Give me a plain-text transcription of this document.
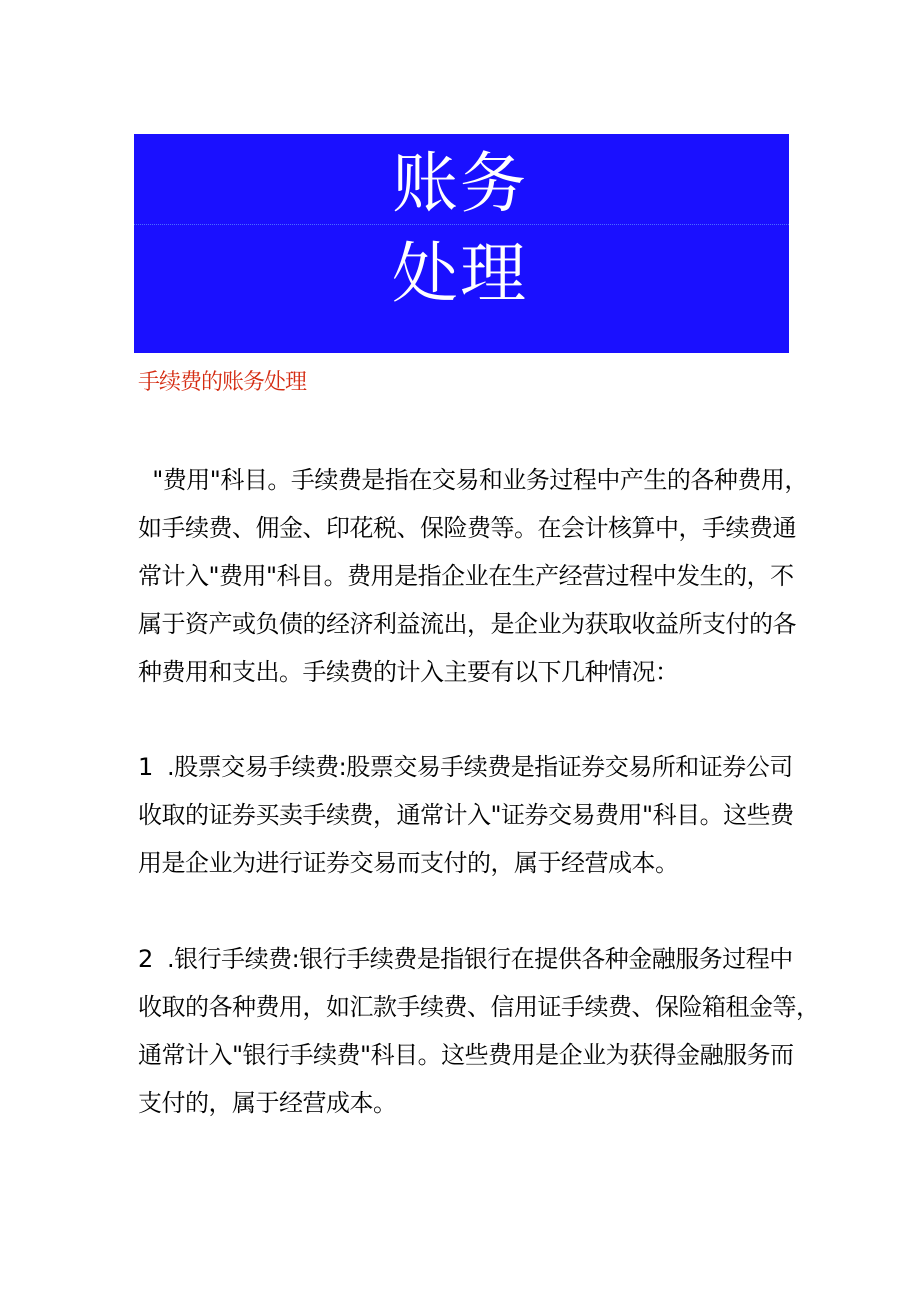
账务
处理
手续费的账务处理
"费用"科目。手续费是指在交易和业务过程中产生的各种费用，
如手续费、佣金、印花税、保险费等。在会计核算中，手续费通
常计入"费用"科目。费用是指企业在生产经营过程中发生的，不
属于资产或负债的经济利益流出，是企业为获取收益所支付的各
种费用和支出。手续费的计入主要有以下几种情况：
1  .股票交易手续费:股票交易手续费是指证券交易所和证券公司
收取的证券买卖手续费，通常计入"证券交易费用"科目。这些费
用是企业为进行证券交易而支付的，属于经营成本。
2  .银行手续费:银行手续费是指银行在提供各种金融服务过程中
收取的各种费用，如汇款手续费、信用证手续费、保险箱租金等，
通常计入"银行手续费"科目。这些费用是企业为获得金融服务而
支付的，属于经营成本。
